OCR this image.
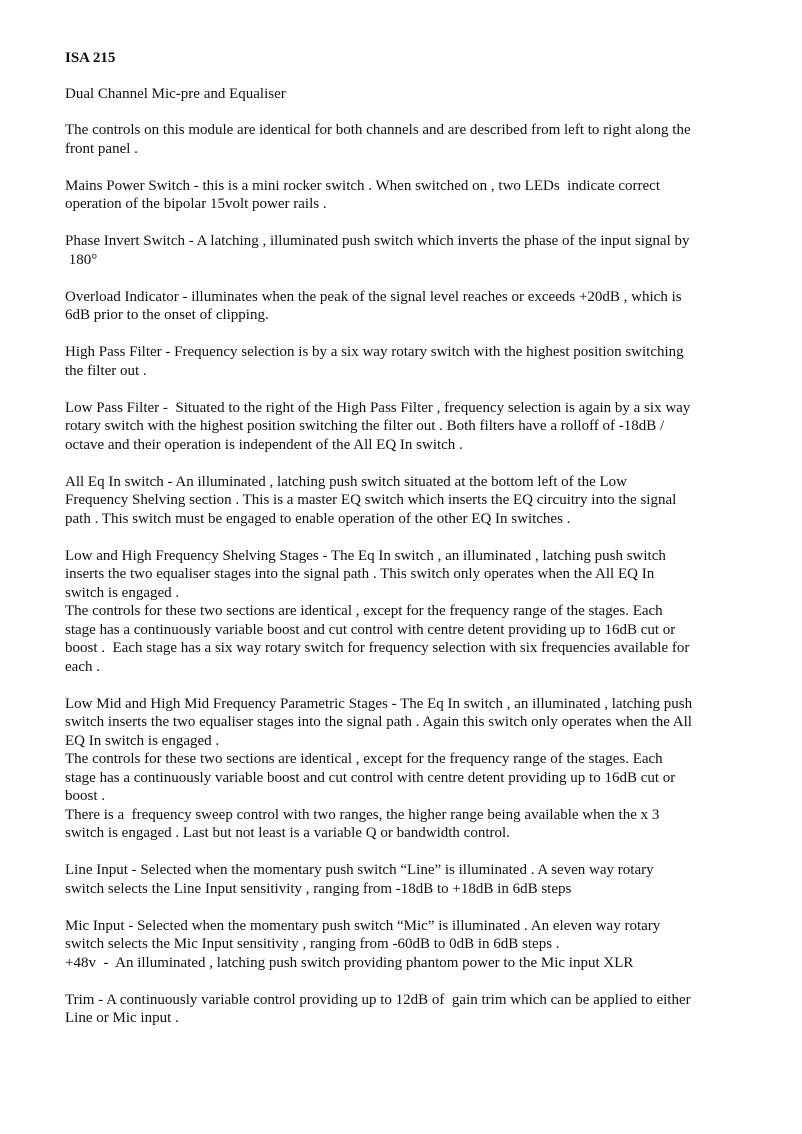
ISA 215
Dual Channel Mic-pre and Equaliser
The controls on this module are identical for both channels and are described from left to right along the
front panel .
Mains Power Switch - this is a mini rocker switch . When switched on , two LEDs  indicate correct
operation of the bipolar 15volt power rails .
Phase Invert Switch - A latching , illuminated push switch which inverts the phase of the input signal by
180°
Overload Indicator - illuminates when the peak of the signal level reaches or exceeds +20dB , which is
6dB prior to the onset of clipping.
High Pass Filter - Frequency selection is by a six way rotary switch with the highest position switching
the filter out .
Low Pass Filter -  Situated to the right of the High Pass Filter , frequency selection is again by a six way
rotary switch with the highest position switching the filter out . Both filters have a rolloff of -18dB /
octave and their operation is independent of the All EQ In switch .
All Eq In switch - An illuminated , latching push switch situated at the bottom left of the Low
Frequency Shelving section . This is a master EQ switch which inserts the EQ circuitry into the signal
path . This switch must be engaged to enable operation of the other EQ In switches .
Low and High Frequency Shelving Stages - The Eq In switch , an illuminated , latching push switch
inserts the two equaliser stages into the signal path . This switch only operates when the All EQ In
switch is engaged .
The controls for these two sections are identical , except for the frequency range of the stages. Each
stage has a continuously variable boost and cut control with centre detent providing up to 16dB cut or
boost .  Each stage has a six way rotary switch for frequency selection with six frequencies available for
each .
Low Mid and High Mid Frequency Parametric Stages - The Eq In switch , an illuminated , latching push
switch inserts the two equaliser stages into the signal path . Again this switch only operates when the All
EQ In switch is engaged .
The controls for these two sections are identical , except for the frequency range of the stages. Each
stage has a continuously variable boost and cut control with centre detent providing up to 16dB cut or
boost .
There is a  frequency sweep control with two ranges, the higher range being available when the x 3
switch is engaged . Last but not least is a variable Q or bandwidth control.
Line Input - Selected when the momentary push switch “Line” is illuminated . A seven way rotary
switch selects the Line Input sensitivity , ranging from -18dB to +18dB in 6dB steps
Mic Input - Selected when the momentary push switch “Mic” is illuminated . An eleven way rotary
switch selects the Mic Input sensitivity , ranging from -60dB to 0dB in 6dB steps .
+48v  -  An illuminated , latching push switch providing phantom power to the Mic input XLR
Trim - A continuously variable control providing up to 12dB of  gain trim which can be applied to either
Line or Mic input .
